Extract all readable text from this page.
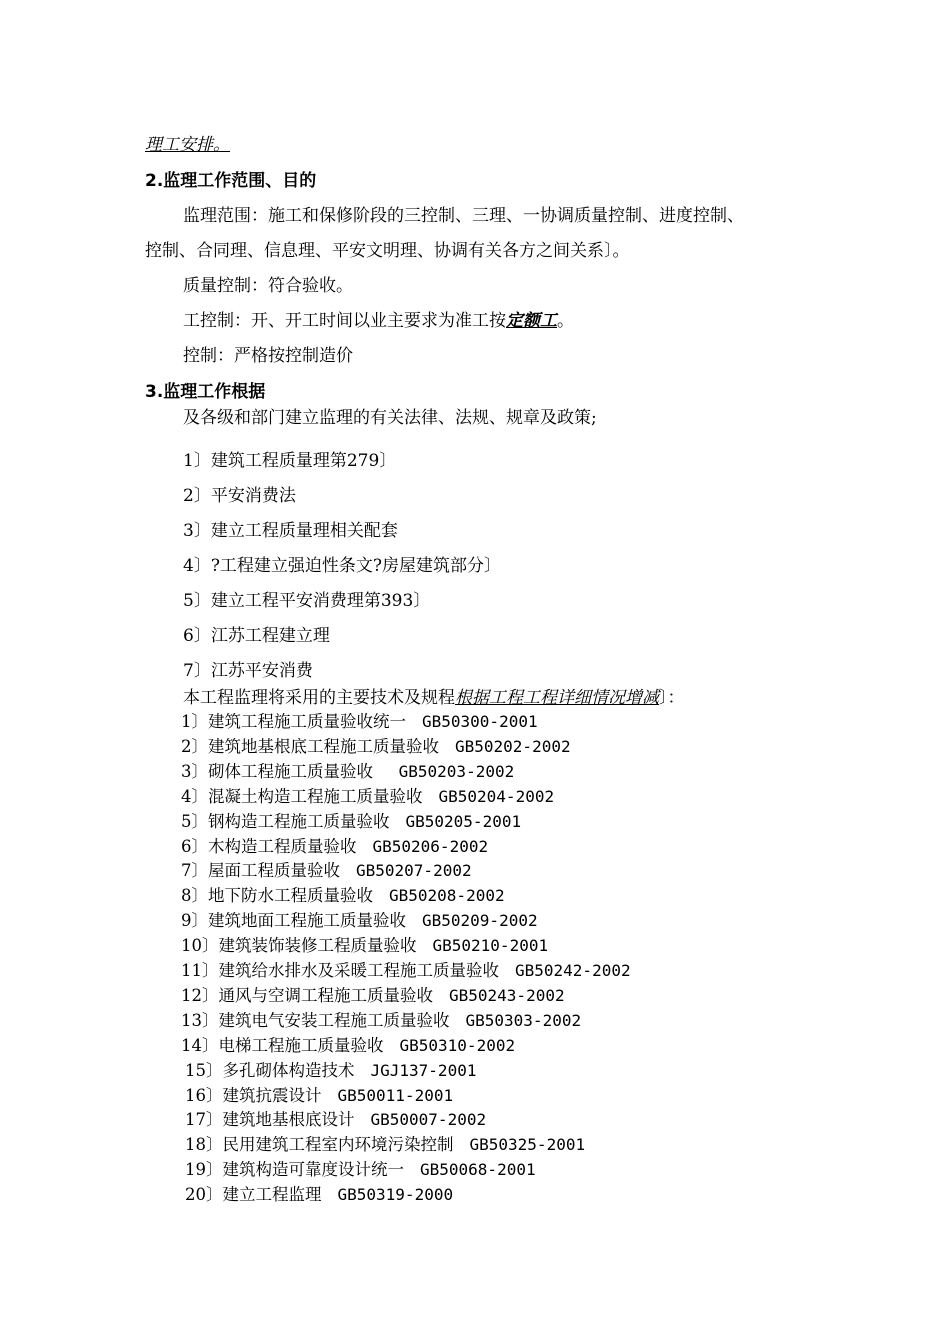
理工安排。
2.监理工作范围、目的
监理范围：施工和保修阶段的三控制、三理、一协调质量控制、进度控制、
控制、合同理、信息理、平安文明理、协调有关各方之间关系〕。
质量控制：符合验收。
工控制：开、开工时间以业主要求为准工按定额工。
控制：严格按控制造价
3.监理工作根据
及各级和部门建立监理的有关法律、法规、规章及政策;
1〕建筑工程质量理第279〕
2〕平安消费法
3〕建立工程质量理相关配套
4〕?工程建立强迫性条文?房屋建筑部分〕
5〕建立工程平安消费理第393〕
6〕江苏工程建立理
7〕江苏平安消费
本工程监理将采用的主要技术及规程根据工程工程详细情况增减〕：
1〕建筑工程施工质量验收统一 GB50300-2001
2〕建筑地基根底工程施工质量验收 GB50202-2002
3〕砌体工程施工质量验收 GB50203-2002
4〕混凝土构造工程施工质量验收 GB50204-2002
5〕钢构造工程施工质量验收 GB50205-2001
6〕木构造工程质量验收 GB50206-2002
7〕屋面工程质量验收 GB50207-2002
8〕地下防水工程质量验收 GB50208-2002
9〕建筑地面工程施工质量验收 GB50209-2002
10〕建筑装饰装修工程质量验收 GB50210-2001
11〕建筑给水排水及采暖工程施工质量验收 GB50242-2002
12〕通风与空调工程施工质量验收 GB50243-2002
13〕建筑电气安装工程施工质量验收 GB50303-2002
14〕电梯工程施工质量验收 GB50310-2002
15〕多孔砌体构造技术 JGJ137-2001
16〕建筑抗震设计 GB50011-2001
17〕建筑地基根底设计 GB50007-2002
18〕民用建筑工程室内环境污染控制 GB50325-2001
19〕建筑构造可靠度设计统一 GB50068-2001
20〕建立工程监理 GB50319-2000
